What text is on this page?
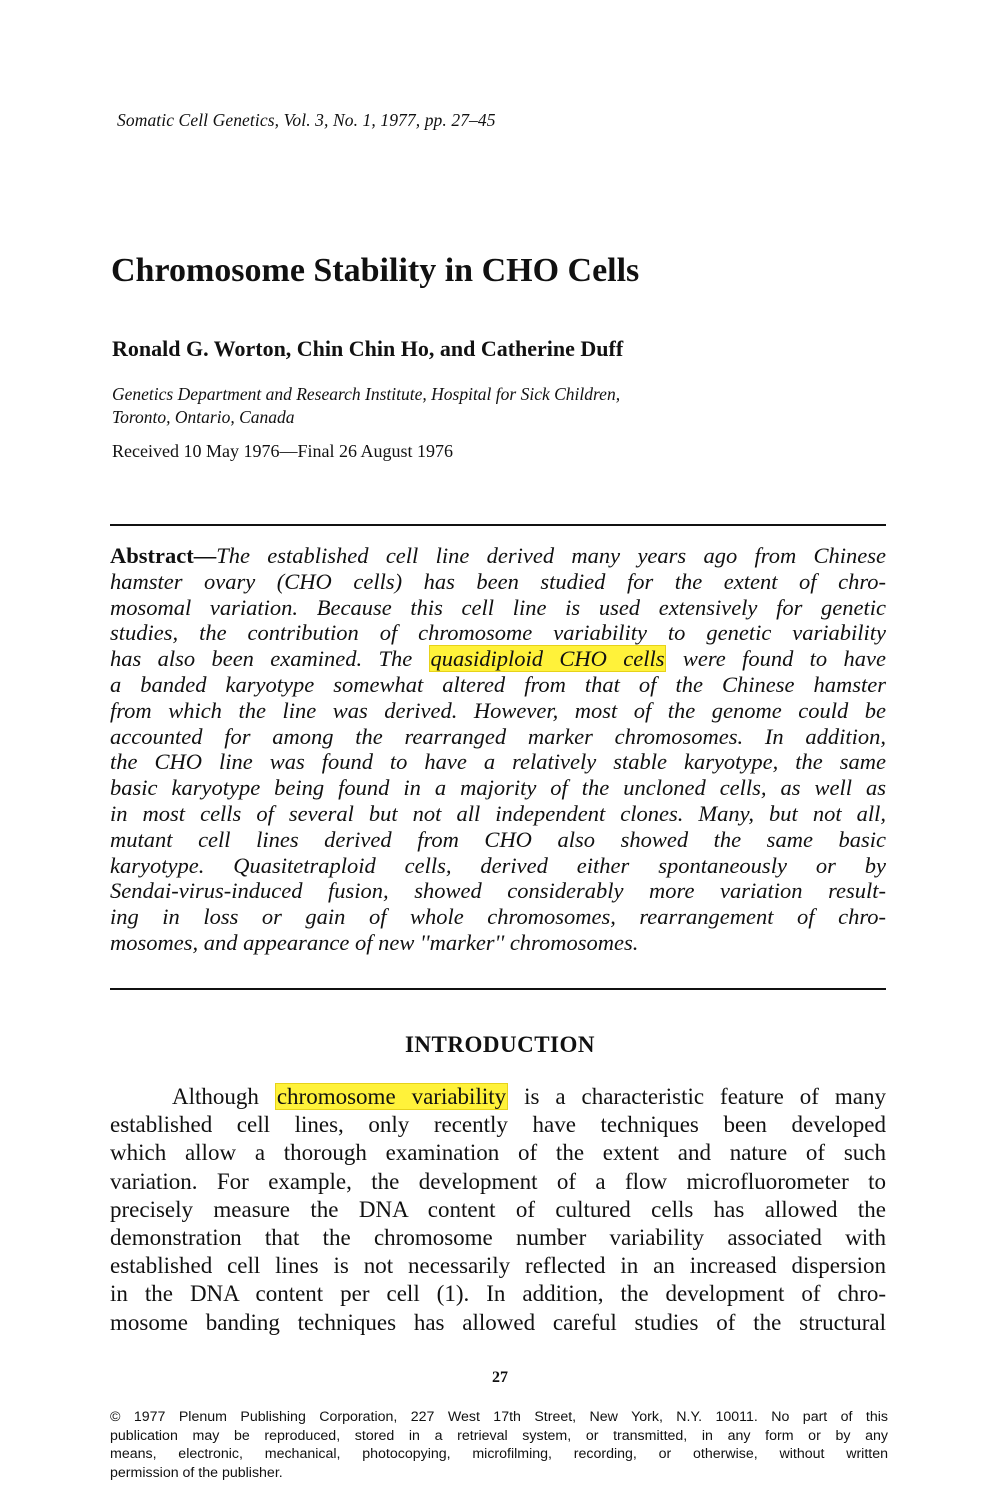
Somatic Cell Genetics, Vol. 3, No. 1, 1977, pp. 27–45
Chromosome Stability in CHO Cells
Ronald G. Worton, Chin Chin Ho, and Catherine Duff
Genetics Department and Research Institute, Hospital for Sick Children,
Toronto, Ontario, Canada
Received 10 May 1976—Final 26 August 1976
Abstract—The established cell line derived many years ago from Chinese
hamster ovary (CHO cells) has been studied for the extent of chro-
mosomal variation. Because this cell line is used extensively for genetic
studies, the contribution of chromosome variability to genetic variability
has also been examined. The quasidiploid CHO cells were found to have
a banded karyotype somewhat altered from that of the Chinese hamster
from which the line was derived. However, most of the genome could be
accounted for among the rearranged marker chromosomes. In addition,
the CHO line was found to have a relatively stable karyotype, the same
basic karyotype being found in a majority of the uncloned cells, as well as
in most cells of several but not all independent clones. Many, but not all,
mutant cell lines derived from CHO also showed the same basic
karyotype. Quasitetraploid cells, derived either spontaneously or by
Sendai-virus-induced fusion, showed considerably more variation result-
ing in loss or gain of whole chromosomes, rearrangement of chro-
mosomes, and appearance of new ''marker'' chromosomes.
INTRODUCTION
Although chromosome variability is a characteristic feature of many
established cell lines, only recently have techniques been developed
which allow a thorough examination of the extent and nature of such
variation. For example, the development of a flow microfluorometer to
precisely measure the DNA content of cultured cells has allowed the
demonstration that the chromosome number variability associated with
established cell lines is not necessarily reflected in an increased dispersion
in the DNA content per cell (1). In addition, the development of chro-
mosome banding techniques has allowed careful studies of the structural
27
© 1977 Plenum Publishing Corporation, 227 West 17th Street, New York, N.Y. 10011. No part of this
publication may be reproduced, stored in a retrieval system, or transmitted, in any form or by any
means, electronic, mechanical, photocopying, microfilming, recording, or otherwise, without written
permission of the publisher.
